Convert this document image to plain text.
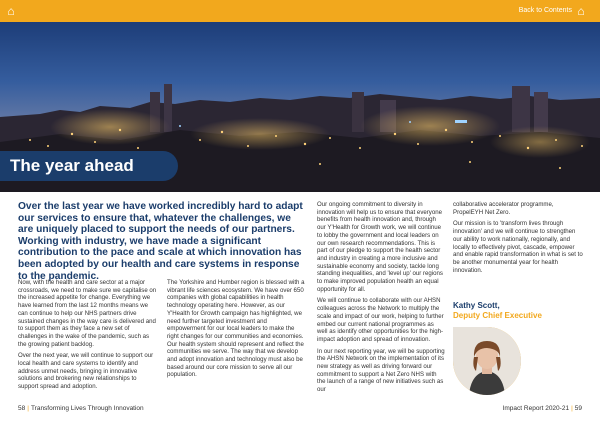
⌂	Back to Contents ⌂
The year ahead
Over the last year we have worked incredibly hard to adapt our services to ensure that, whatever the challenges, we are uniquely placed to support the needs of our partners. Working with industry, we have made a significant contribution to the pace and scale at which innovation has been adopted by our health and care systems in response to the pandemic.

Now, with the health and care sector at a major crossroads, we need to make sure we capitalise on the increased appetite for change. Everything we have learned from the last 12 months means we can continue to help our NHS partners drive sustained changes in the way care is delivered and to support them as they face a new set of challenges in the wake of the pandemic, such as the growing patient backlog.

Over the next year, we will continue to support our local health and care systems to identify and address unmet needs, bringing in innovative solutions and brokering new relationships to support spread and adoption.

The Yorkshire and Humber region is blessed with a vibrant life sciences ecosystem. We have over 650 companies with global capabilities in health technology operating here. However, as our Y'Health for Growth campaign has highlighted, we need further targeted investment and empowerment for our local leaders to make the right changes for our communities and economies. Our health system should represent and reflect the communities we serve. The way that we develop and adopt innovation and technology must also be based around our core mission to serve all our population.

Our ongoing commitment to diversity in innovation will help us to ensure that everyone benefits from health innovation and, through our Y'Health for Growth work, we will continue to lobby the government and local leaders on our own research recommendations. This is part of our pledge to support the health sector and industry in creating a more inclusive and sustainable economy and society, tackle long standing inequalities, and 'level up' our regions to make improved population health an equal opportunity for all.

We will continue to collaborate with our AHSN colleagues across the Network to multiply the scale and impact of our work, helping to further embed our current national programmes as well as identify other opportunities for the high-impact adoption and spread of innovation.

In our next reporting year, we will be supporting the AHSN Network on the implementation of its new strategy as well as driving forward our commitment to support a Net Zero NHS with the launch of a range of new initiatives such as our

collaborative accelerator programme, PropelEYH Net Zero.

Our mission is to 'transform lives through innovation' and we will continue to strengthen our ability to work nationally, regionally, and locally to effectively pivot, cascade, empower and enable rapid transformation in what is set to be another monumental year for health innovation.

Kathy Scott,
Deputy Chief Executive
58 | Transforming Lives Through Innovation	Impact Report 2020-21 | 59
